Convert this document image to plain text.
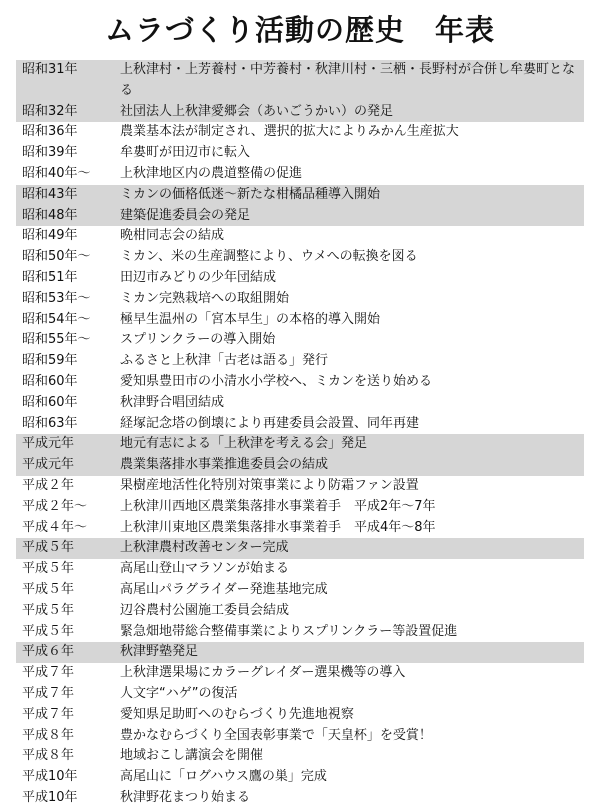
ムラづくり活動の歴史　年表
昭和31年	上秋津村・上芳養村・中芳養村・秋津川村・三栖・長野村が合併し牟婁町となる
昭和32年	社団法人上秋津愛郷会（あいごうかい）の発足
昭和36年	農業基本法が制定され、選択的拡大によりみかん生産拡大
昭和39年	牟婁町が田辺市に転入
昭和40年～	上秋津地区内の農道整備の促進
昭和43年	ミカンの価格低迷～新たな柑橘品種導入開始
昭和48年	建築促進委員会の発足
昭和49年	晩柑同志会の結成
昭和50年～	ミカン、米の生産調整により、ウメへの転換を図る
昭和51年	田辺市みどりの少年団結成
昭和53年～	ミカン完熟栽培への取組開始
昭和54年～	極早生温州の「宮本早生」の本格的導入開始
昭和55年～	スプリンクラーの導入開始
昭和59年	ふるさと上秋津「古老は語る」発行
昭和60年	愛知県豊田市の小清水小学校へ、ミカンを送り始める
昭和60年	秋津野合唱団結成
昭和63年	経塚記念塔の倒壊により再建委員会設置、同年再建
平成元年	地元有志による「上秋津を考える会」発足
平成元年	農業集落排水事業推進委員会の結成
平成２年	果樹産地活性化特別対策事業により防霜ファン設置
平成２年～	上秋津川西地区農業集落排水事業着手　平成2年～7年
平成４年～	上秋津川東地区農業集落排水事業着手　平成4年～8年
平成５年	上秋津農村改善センター完成
平成５年	高尾山登山マラソンが始まる
平成５年	高尾山パラグライダー発進基地完成
平成５年	辺谷農村公園施工委員会結成
平成５年	緊急畑地帯総合整備事業によりスプリンクラー等設置促進
平成６年	秋津野塾発足
平成７年	上秋津選果場にカラーグレイダー選果機等の導入
平成７年	人文字“ハゲ”の復活
平成７年	愛知県足助町へのむらづくり先進地視察
平成８年	豊かなむらづくり全国表彰事業で「天皇杯」を受賞！
平成８年	地域おこし講演会を開催
平成10年	高尾山に「ログハウス鷹の巣」完成
平成10年	秋津野花まつり始まる
